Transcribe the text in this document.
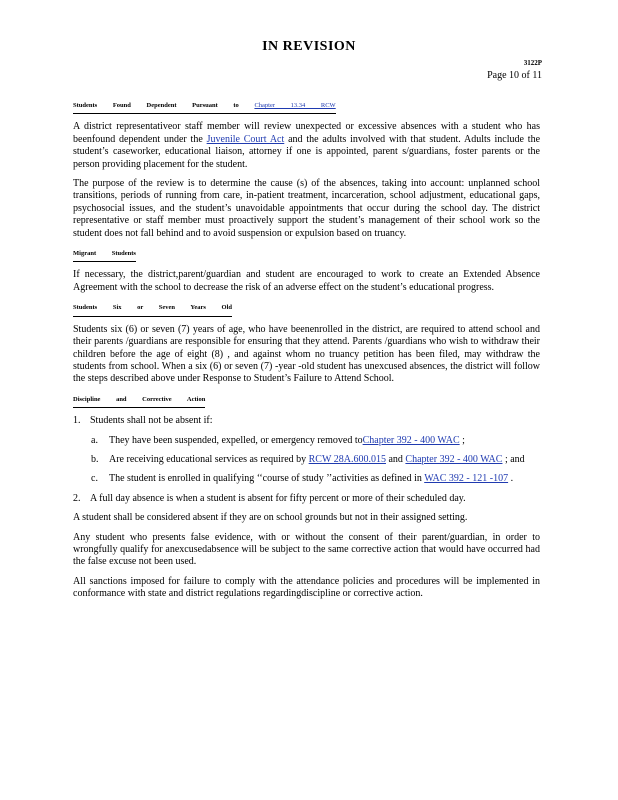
IN REVISION
3122P
Page 10 of 11
Students Found Dependent Pursuant to Chapter 13.34 RCW

A district representativeor staff member will review unexpected or excessive absences with a student who has beenfound dependent under the Juvenile Court Act and the adults involved with that student. Adults include the student’s caseworker, educational liaison, attorney if one is appointed, parent s/guardians, foster parents or the person providing placement for the student.

The purpose of the review is to determine the cause (s) of the absences, taking into account: unplanned school transitions, periods of running from care, in-patient treatment, incarceration, school adjustment, educational gaps, psychosocial issues, and the student’s unavoidable appointments that occur during the school day. The district representative or staff member must proactively support the student’s management of their school work so the student does not fall behind and to avoid suspension or expulsion based on truancy.

Migrant Students

If necessary, the district,parent/guardian and student are encouraged to work to create an Extended Absence Agreement with the school to decrease the risk of an adverse effect on the student’s educational progress.

Students Six or Seven Years Old

Students six (6) or seven (7) years of age, who have beenenrolled in the district, are required to attend school and their parents /guardians are responsible for ensuring that they attend. Parents /guardians who wish to withdraw their children before the age of eight (8) , and against whom no truancy petition has been filed, may withdraw the students from school. When a six (6) or seven (7) -year -old student has unexcused absences, the district will follow the steps described above under Response to Student’s Failure to Attend School.

Discipline and Corrective Action
1. Students shall not be absent if:
a. They have been suspended, expelled, or emergency removed toChapter 392 - 400 WAC ;
b. Are receiving educational services as required by RCW 28A.600.015 and Chapter 392 - 400 WAC ; and
c. The student is enrolled in qualifying ‘‘course of study ’’activities as defined in WAC 392 - 121 -107 .
2. A full day absence is when a student is absent for fifty percent or more of their scheduled day.

A student shall be considered absent if they are on school grounds but not in their assigned setting.

Any student who presents false evidence, with or without the consent of their parent/guardian, in order to wrongfully qualify for anexcusedabsence will be subject to the same corrective action that would have occurred had the false excuse not been used.

All sanctions imposed for failure to comply with the attendance policies and procedures will be implemented in conformance with state and district regulations regardingdiscipline or corrective action.
